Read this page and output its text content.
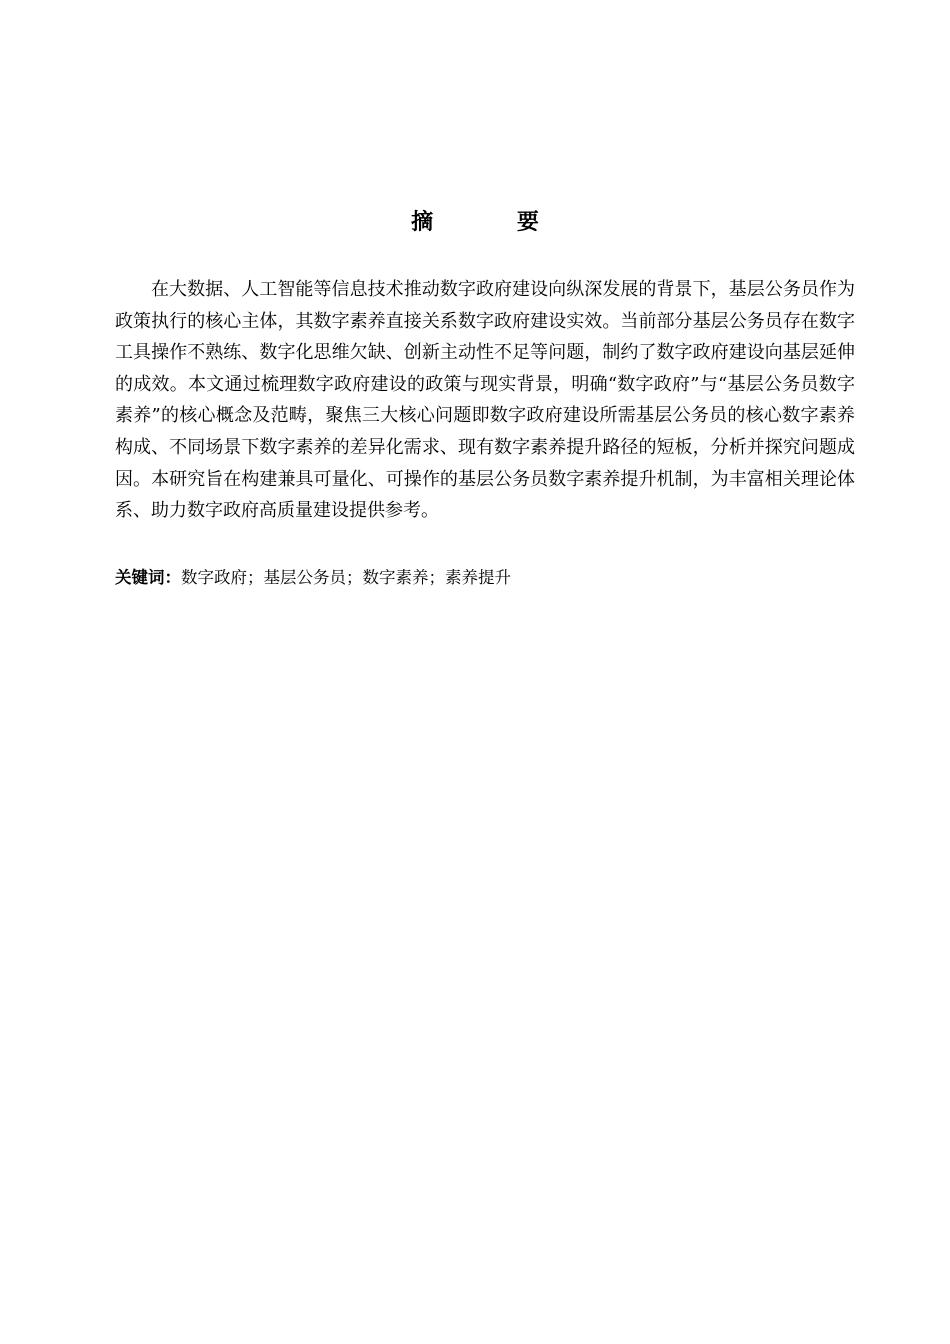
摘 要

在大数据、人工智能等信息技术推动数字政府建设向纵深发展的背景下，基层公务员作为政策执行的核心主体，其数字素养直接关系数字政府建设实效。当前部分基层公务员存在数字工具操作不熟练、数字化思维欠缺、创新主动性不足等问题，制约了数字政府建设向基层延伸的成效。本文通过梳理数字政府建设的政策与现实背景，明确“数字政府”与“基层公务员数字素养”的核心概念及范畴，聚焦三大核心问题即数字政府建设所需基层公务员的核心数字素养构成、不同场景下数字素养的差异化需求、现有数字素养提升路径的短板，分析并探究问题成因。本研究旨在构建兼具可量化、可操作的基层公务员数字素养提升机制，为丰富相关理论体系、助力数字政府高质量建设提供参考。

关键词：数字政府；基层公务员；数字素养；素养提升
